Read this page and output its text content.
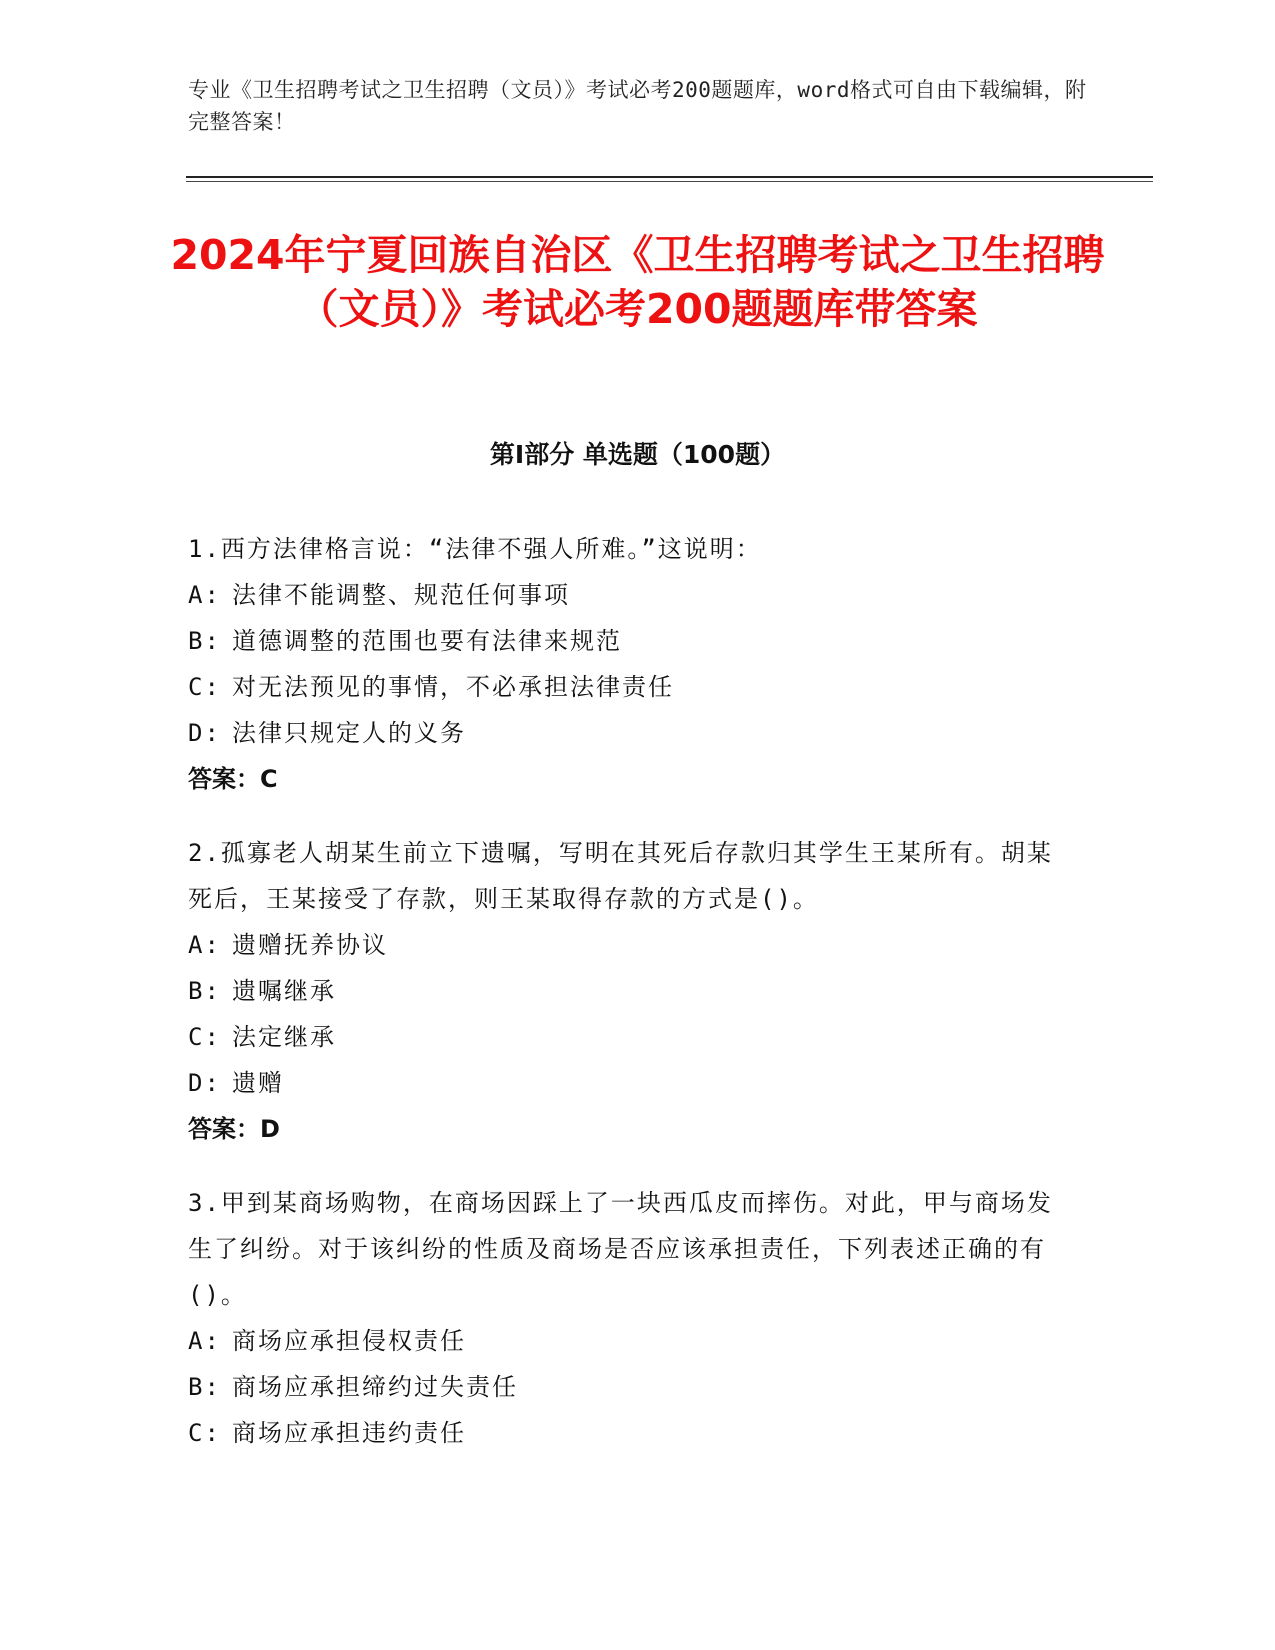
专业《卫生招聘考试之卫生招聘（文员）》考试必考200题题库，word格式可自由下载编辑，附完整答案！
2024年宁夏回族自治区《卫生招聘考试之卫生招聘（文员）》考试必考200题题库带答案
第Ⅰ部分 单选题（100题）

1.西方法律格言说：“法律不强人所难。”这说明：

A: 法律不能调整、规范任何事项

B: 道德调整的范围也要有法律来规范

C: 对无法预见的事情，不必承担法律责任

D: 法律只规定人的义务

答案：C

2.孤寡老人胡某生前立下遗嘱，写明在其死后存款归其学生王某所有。胡某死后，王某接受了存款，则王某取得存款的方式是()。

A: 遗赠抚养协议

B: 遗嘱继承

C: 法定继承

D: 遗赠

答案：D

3.甲到某商场购物，在商场因踩上了一块西瓜皮而摔伤。对此，甲与商场发生了纠纷。对于该纠纷的性质及商场是否应该承担责任，下列表述正确的有()。

A: 商场应承担侵权责任

B: 商场应承担缔约过失责任

C: 商场应承担违约责任
